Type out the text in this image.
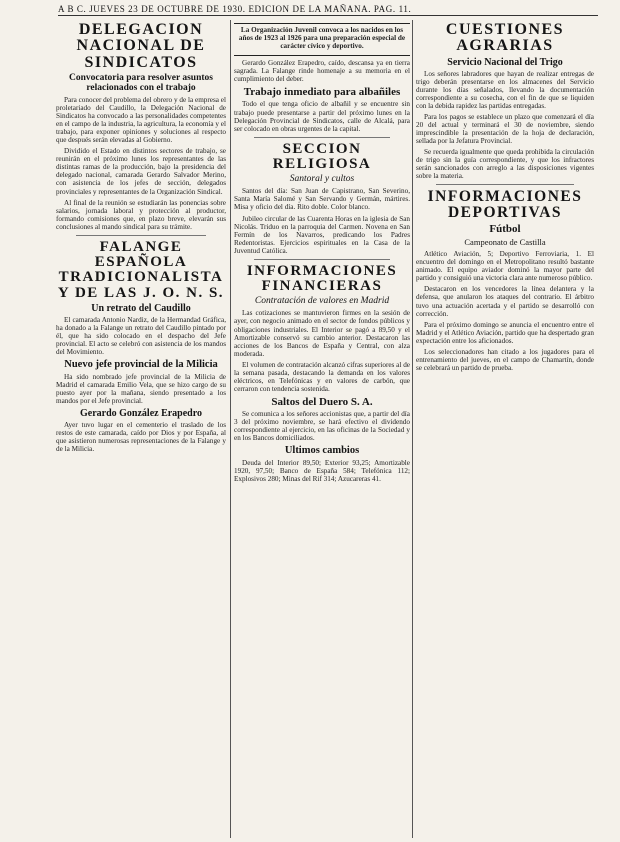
A B C. JUEVES 23 DE OCTUBRE DE 1930. EDICION DE LA MAÑANA. PAG. 11.
DELEGACION NACIONAL DE SINDICATOS
Convocatoria para resolver asuntos relacionados con el trabajo

Para conocer del problema del obrero y de la empresa el proletariado del Caudillo, la Delegación Nacional de Sindicatos ha convocado a las personalidades competentes en el campo de la industria, la agricultura, la economía y el trabajo, para exponer opiniones y soluciones al respecto que después serán elevadas al Gobierno.

Dividido el Estado en distintos sectores de trabajo, se reunirán en el próximo lunes los representantes de las distintas ramas de la producción, bajo la presidencia del delegado nacional, camarada Gerardo Salvador Merino, con asistencia de los jefes de sección, delegados provinciales y representantes de la Organización Sindical.

Al final de la reunión se estudiarán las ponencias sobre salarios, jornada laboral y protección al productor, formando comisiones que, en plazo breve, elevarán sus conclusiones al mando sindical para su trámite.

FALANGE ESPAÑOLA TRADICIONALISTA Y DE LAS J. O. N. S.
Un retrato del Caudillo

El camarada Antonio Nardiz, de la Hermandad Gráfica, ha donado a la Falange un retrato del Caudillo pintado por él, que ha sido colocado en el despacho del Jefe provincial. El acto se celebró con asistencia de los mandos del Movimiento.

Nuevo jefe provincial de la Milicia

Ha sido nombrado jefe provincial de la Milicia de Madrid el camarada Emilio Vela, que se hizo cargo de su puesto ayer por la mañana, siendo presentado a los mandos por el Jefe provincial.

Gerardo González Erapedro

Ayer tuvo lugar en el cementerio el traslado de los restos de este camarada, caído por Dios y por España, al que asistieron numerosas representaciones de la Falange y de la Milicia.

La Organización Juvenil convoca a los nacidos en los años de 1923 al 1926 para una preparación especial de carácter cívico y deportivo.

Gerardo González Erapedro, caído, descansa ya en tierra sagrada. La Falange rinde homenaje a su memoria en el cumplimiento del deber.

Trabajo inmediato para albañiles

Todo el que tenga oficio de albañil y se encuentre sin trabajo puede presentarse a partir del próximo lunes en la Delegación Provincial de Sindicatos, calle de Alcalá, para ser colocado en obras urgentes de la capital.

SECCION RELIGIOSA
Santoral y cultos

Santos del día: San Juan de Capistrano, San Severino, Santa María Salomé y San Servando y Germán, mártires. Misa y oficio del día. Rito doble. Color blanco.

Jubileo circular de las Cuarenta Horas en la iglesia de San Nicolás. Triduo en la parroquia del Carmen. Novena en San Fermín de los Navarros, predicando los Padres Redentoristas. Ejercicios espirituales en la Casa de la Juventud Católica.

INFORMACIONES FINANCIERAS
Contratación de valores en Madrid

Las cotizaciones se mantuvieron firmes en la sesión de ayer, con negocio animado en el sector de fondos públicos y obligaciones industriales. El Interior se pagó a 89,50 y el Amortizable conservó su cambio anterior. Destacaron las acciones de los Bancos de España y Central, con alza moderada.

El volumen de contratación alcanzó cifras superiores al de la semana pasada, destacando la demanda en los valores eléctricos, en Telefónicas y en valores de carbón, que cerraron con tendencia sostenida.

Saltos del Duero S. A.

Se comunica a los señores accionistas que, a partir del día 3 del próximo noviembre, se hará efectivo el dividendo correspondiente al ejercicio, en las oficinas de la Sociedad y en los Bancos domiciliados.

Ultimos cambios

Deuda del Interior 89,50; Exterior 93,25; Amortizable 1920, 97,50; Banco de España 584; Telefónica 112; Explosivos 280; Minas del Rif 314; Azucareras 41.

CUESTIONES AGRARIAS
Servicio Nacional del Trigo

Los señores labradores que hayan de realizar entregas de trigo deberán presentarse en los almacenes del Servicio durante los días señalados, llevando la documentación correspondiente a su cosecha, con el fin de que se liquiden con la debida rapidez las partidas entregadas.

Para los pagos se establece un plazo que comenzará el día 20 del actual y terminará el 30 de noviembre, siendo imprescindible la presentación de la hoja de declaración, sellada por la Jefatura Provincial.

Se recuerda igualmente que queda prohibida la circulación de trigo sin la guía correspondiente, y que los infractores serán sancionados con arreglo a las disposiciones vigentes sobre la materia.

INFORMACIONES DEPORTIVAS
Fútbol
Campeonato de Castilla

Atlético Aviación, 5; Deportivo Ferroviaria, 1. El encuentro del domingo en el Metropolitano resultó bastante animado. El equipo aviador dominó la mayor parte del partido y consiguió una victoria clara ante numeroso público.

Destacaron en los vencedores la línea delantera y la defensa, que anularon los ataques del contrario. El árbitro tuvo una actuación acertada y el partido se desarrolló con corrección.

Para el próximo domingo se anuncia el encuentro entre el Madrid y el Atlético Aviación, partido que ha despertado gran expectación entre los aficionados.

Los seleccionadores han citado a los jugadores para el entrenamiento del jueves, en el campo de Chamartín, donde se celebrará un partido de prueba.
